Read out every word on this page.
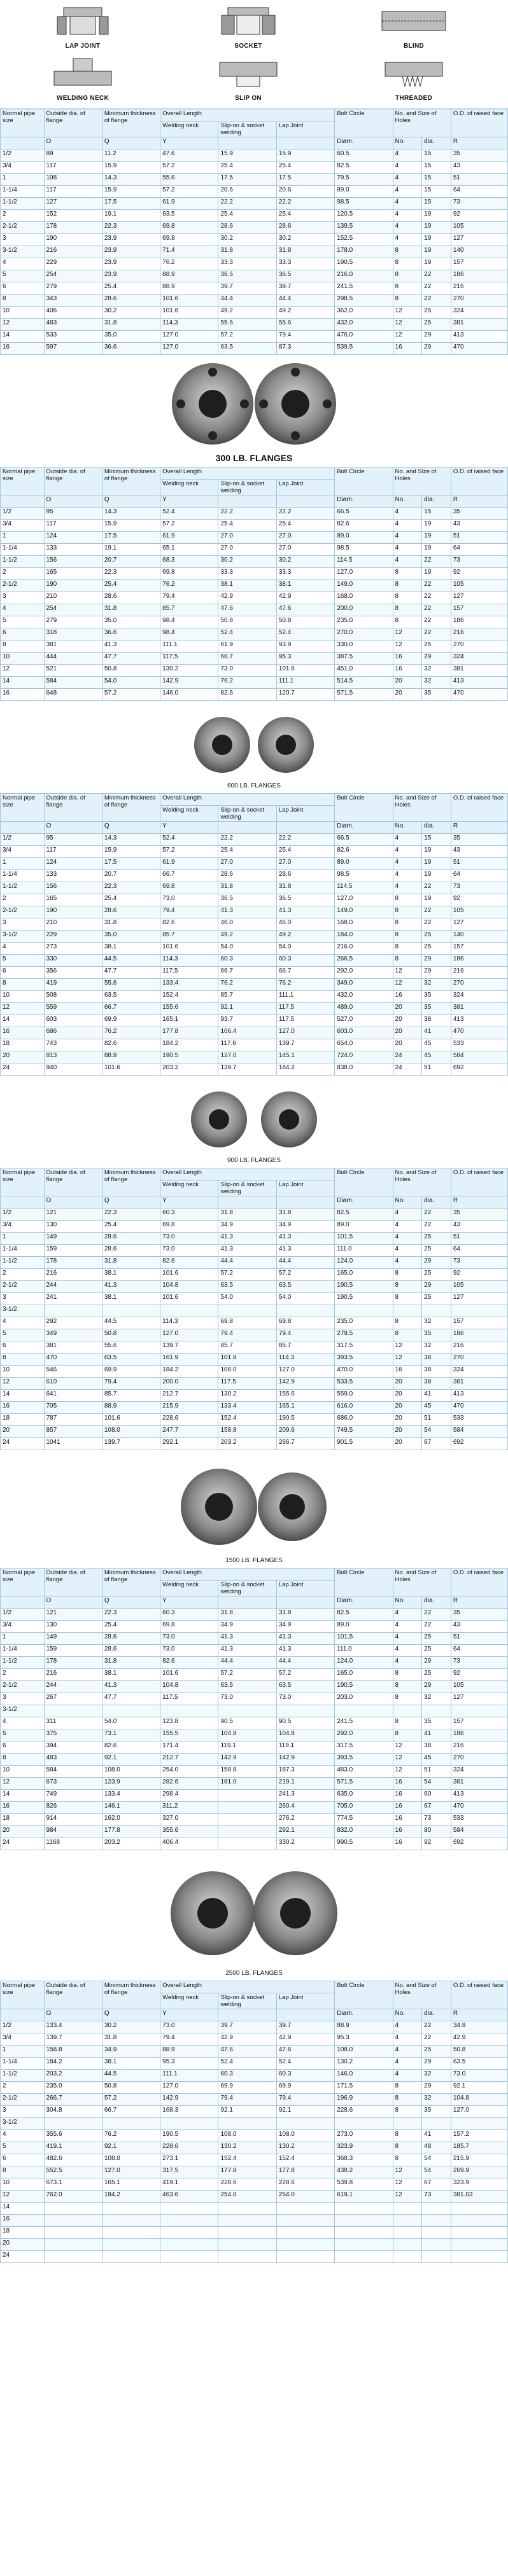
LAP JOINT	SOCKET	BLIND
WELDING NECK	SLIP ON	THREADED
Normal pipe size	Outside dia. of flange	Minimum thickness of flange	Overall Length			Bolt Circle	No. and Size of Holes		O.D. of raised face
			Welding neck	Slip-on & socket welding	Lap Joint				
	O	Q	Y			Diam.	No.	dia.	R
1/2	89	11.2	47.6	15.9	15.9	60.5	4	15	35
3/4	117	15.9	57.2	25.4	25.4	82.5	4	15	43
1	108	14.3	55.6	17.5	17.5	79.5	4	15	51
1-1/4	117	15.9	57.2	20.6	20.6	89.0	4	15	64
1-1/2	127	17.5	61.9	22.2	22.2	98.5	4	15	73
2	152	19.1	63.5	25.4	25.4	120.5	4	19	92
2-1/2	178	22.3	69.8	28.6	28.6	139.5	4	19	105
3	190	23.9	69.8	30.2	30.2	152.5	4	19	127
3-1/2	216	23.9	71.4	31.8	31.8	178.0	8	19	140
4	229	23.9	76.2	33.3	33.3	190.5	8	19	157
5	254	23.9	88.9	36.5	36.5	216.0	8	22	186
6	279	25.4	88.9	39.7	39.7	241.5	8	22	216
8	343	28.6	101.6	44.4	44.4	298.5	8	22	270
10	406	30.2	101.6	49.2	49.2	362.0	12	25	324
12	483	31.8	114.3	55.6	55.6	432.0	12	25	381
14	533	35.0	127.0	57.2	79.4	476.0	12	29	413
16	597	36.6	127.0	63.5	87.3	539.5	16	29	470
300 LB. FLANGES
Normal pipe size	Outside dia. of flange	Minimum thickness of flange	Overall Length			Bolt Circle	No. and Size of Holes		O.D. of raised face
			Welding neck	Slip-on & socket welding	Lap Joint				
	O	Q	Y			Diam.	No.	dia.	R
1/2	95	14.3	52.4	22.2	22.2	66.5	4	15	35
3/4	117	15.9	57.2	25.4	25.4	82.6	4	19	43
1	124	17.5	61.9	27.0	27.0	89.0	4	19	51
1-1/4	133	19.1	65.1	27.0	27.0	98.5	4	19	64
1-1/2	156	20.7	68.3	30.2	30.2	114.5	4	22	73
2	165	22.3	69.8	33.3	33.3	127.0	8	19	92
2-1/2	190	25.4	76.2	38.1	38.1	149.0	8	22	105
3	210	28.6	79.4	42.9	42.9	168.0	8	22	127
4	254	31.8	85.7	47.6	47.6	200.0	8	22	157
5	279	35.0	98.4	50.8	50.8	235.0	8	22	186
6	318	36.6	98.4	52.4	52.4	270.0	12	22	216
8	381	41.3	111.1	61.9	93.9	330.0	12	25	270
10	444	47.7	117.5	66.7	95.3	387.5	16	29	324
12	521	50.8	130.2	73.0	101.6	451.0	16	32	381
14	584	54.0	142.9	76.2	111.1	514.5	20	32	413
16	648	57.2	146.0	82.6	120.7	571.5	20	35	470
600 LB. FLANGES
Normal pipe size	Outside dia. of flange	Minimum thickness of flange	Overall Length			Bolt Circle	No. and Size of Holes		O.D. of raised face
			Welding neck	Slip-on & socket welding	Lap Joint				
	O	Q	Y			Diam.	No.	dia.	R
1/2	95	14.3	52.4	22.2	22.2	66.5	4	15	35
3/4	117	15.9	57.2	25.4	25.4	82.6	4	19	43
1	124	17.5	61.9	27.0	27.0	89.0	4	19	51
1-1/4	133	20.7	66.7	28.6	28.6	98.5	4	19	64
1-1/2	156	22.3	69.8	31.8	31.8	114.5	4	22	73
2	165	25.4	73.0	36.5	36.5	127.0	8	19	92
2-1/2	190	28.6	79.4	41.3	41.3	149.0	8	22	105
3	210	31.8	82.6	46.0	46.0	168.0	8	22	127
3-1/2	229	35.0	85.7	49.2	49.2	184.0	8	25	140
4	273	38.1	101.6	54.0	54.0	216.0	8	25	157
5	330	44.5	114.3	60.3	60.3	266.5	8	29	186
6	356	47.7	117.5	66.7	66.7	292.0	12	29	216
8	419	55.6	133.4	76.2	76.2	349.0	12	32	270
10	508	63.5	152.4	85.7	111.1	432.0	16	35	324
12	559	66.7	155.6	92.1	117.5	489.0	20	35	381
14	603	69.9	165.1	93.7	117.5	527.0	20	38	413
16	686	76.2	177.8	106.4	127.0	603.0	20	41	470
18	743	82.6	184.2	117.6	139.7	654.0	20	45	533
20	813	88.9	190.5	127.0	145.1	724.0	24	45	584
24	940	101.6	203.2	139.7	184.2	838.0	24	51	692
900 LB. FLANGES
Normal pipe size	Outside dia. of flange	Minimum thickness of flange	Overall Length			Bolt Circle	No. and Size of Holes		O.D. of raised face
			Welding neck	Slip-on & socket welding	Lap Joint				
	O	Q	Y			Diam.	No.	dia.	R
1/2	121	22.3	60.3	31.8	31.8	82.5	4	22	35
3/4	130	25.4	69.8	34.9	34.9	89.0	4	22	43
1	149	28.6	73.0	41.3	41.3	101.5	4	25	51
1-1/4	159	28.6	73.0	41.3	41.3	111.0	4	25	64
1-1/2	178	31.8	82.6	44.4	44.4	124.0	4	29	73
2	216	38.1	101.6	57.2	57.2	165.0	8	25	92
2-1/2	244	41.3	104.8	63.5	63.5	190.5	8	29	105
3	241	38.1	101.6	54.0	54.0	190.5	8	25	127
3-1/2									
4	292	44.5	114.3	69.8	69.8	235.0	8	32	157
5	349	50.8	127.0	79.4	79.4	279.5	8	35	186
6	381	55.6	139.7	85.7	85.7	317.5	12	32	216
8	470	63.5	161.9	101.8	114.3	393.5	12	38	270
10	546	69.9	184.2	108.0	127.0	470.0	16	38	324
12	610	79.4	200.0	117.5	142.9	533.5	20	38	381
14	641	85.7	212.7	130.2	155.6	559.0	20	41	413
16	705	88.9	215.9	133.4	165.1	616.0	20	45	470
18	787	101.6	228.6	152.4	190.5	686.0	20	51	533
20	857	108.0	247.7	158.8	209.6	749.5	20	54	584
24	1041	139.7	292.1	203.2	266.7	901.5	20	67	692
1500 LB. FLANGES
Normal pipe size	Outside dia. of flange	Minimum thickness of flange	Overall Length			Bolt Circle	No. and Size of Holes		O.D. of raised face
			Welding neck	Slip-on & socket welding	Lap Joint				
	O	Q	Y			Diam.	No.	dia.	R
1/2	121	22.3	60.3	31.8	31.8	82.5	4	22	35
3/4	130	25.4	69.8	34.9	34.9	89.0	4	22	43
1	149	28.6	73.0	41.3	41.3	101.5	4	25	51
1-1/4	159	28.6	73.0	41.3	41.3	111.0	4	25	64
1-1/2	178	31.8	82.6	44.4	44.4	124.0	4	29	73
2	216	38.1	101.6	57.2	57.2	165.0	8	25	92
2-1/2	244	41.3	104.8	63.5	63.5	190.5	8	29	105
3	267	47.7	117.5	73.0	73.0	203.0	8	32	127
3-1/2									
4	311	54.0	123.8	90.5	90.5	241.5	8	35	157
5	375	73.1	155.5	104.8	104.8	292.0	8	41	186
6	394	82.6	171.4	119.1	119.1	317.5	12	38	216
8	483	92.1	212.7	142.9	142.9	393.5	12	45	270
10	584	108.0	254.0	158.8	187.3	483.0	12	51	324
12	673	123.9	282.6	181.0	219.1	571.5	16	54	381
14	749	133.4	298.4		241.3	635.0	16	60	413
16	826	146.1	311.2		260.4	705.0	16	67	470
18	914	162.0	327.0		276.2	774.5	16	73	533
20	984	177.8	355.6		292.1	832.0	16	80	584
24	1168	203.2	406.4		330.2	990.5	16	92	692
2500 LB. FLANGES
Normal pipe size	Outside dia. of flange	Minimum thickness of flange	Overall Length			Bolt Circle	No. and Size of Holes		O.D. of raised face
			Welding neck	Slip-on & socket welding	Lap Joint				
	O	Q	Y			Diam.	No.	dia.	R
1/2	133.4	30.2	73.0	39.7	39.7	88.9	4	22	34.9
3/4	139.7	31.8	79.4	42.9	42.9	95.3	4	22	42.9
1	158.8	34.9	88.9	47.6	47.6	108.0	4	25	50.8
1-1/4	184.2	38.1	95.3	52.4	52.4	130.2	4	29	63.5
1-1/2	203.2	44.5	111.1	60.3	60.3	146.0	4	32	73.0
2	235.0	50.8	127.0	69.9	69.9	171.5	8	29	92.1
2-1/2	266.7	57.2	142.9	79.4	79.4	196.9	8	32	104.8
3	304.8	66.7	168.3	92.1	92.1	228.6	8	35	127.0
3-1/2									
4	355.6	76.2	190.5	108.0	108.0	273.0	8	41	157.2
5	419.1	92.1	228.6	130.2	130.2	323.9	8	48	185.7
6	482.6	108.0	273.1	152.4	152.4	368.3	8	54	215.9
8	552.5	127.0	317.5	177.8	177.8	438.2	12	54	269.9
10	673.1	165.1	419.1	228.6	228.6	539.8	12	67	323.9
12	762.0	184.2	463.6	254.0	254.0	619.1	12	73	381.03
14									
16									
18									
20									
24									
